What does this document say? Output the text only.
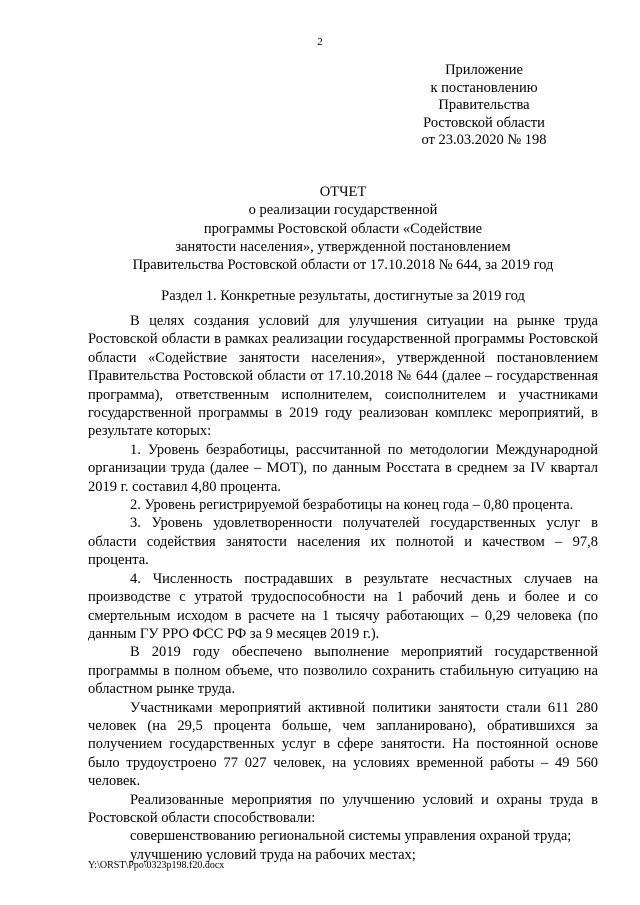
2
Приложение
к постановлению
Правительства
Ростовской области
от 23.03.2020 № 198
ОТЧЕТ
о реализации государственной
программы Ростовской области «Содействие
занятости населения», утвержденной постановлением
Правительства Ростовской области от 17.10.2018 № 644, за 2019 год
Раздел 1. Конкретные результаты, достигнутые за 2019 год

В целях создания условий для улучшения ситуации на рынке труда Ростовской области в рамках реализации государственной программы Ростовской области «Содействие занятости населения», утвержденной постановлением Правительства Ростовской области от 17.10.2018 № 644 (далее – государственная программа), ответственным исполнителем, соисполнителем и участниками государственной программы в 2019 году реализован комплекс мероприятий, в результате которых:

1. Уровень безработицы, рассчитанной по методологии Международной организации труда (далее – МОТ), по данным Росстата в среднем за IV квартал 2019 г. составил 4,80 процента.

2. Уровень регистрируемой безработицы на конец года – 0,80 процента.

3. Уровень удовлетворенности получателей государственных услуг в области содействия занятости населения их полнотой и качеством – 97,8 процента.

4. Численность пострадавших в результате несчастных случаев на производстве с утратой трудоспособности на 1 рабочий день и более и со смертельным исходом в расчете на 1 тысячу работающих – 0,29 человека (по данным ГУ РРО ФСС РФ за 9 месяцев 2019 г.).

В 2019 году обеспечено выполнение мероприятий государственной программы в полном объеме, что позволило сохранить стабильную ситуацию на областном рынке труда.

Участниками мероприятий активной политики занятости стали 611 280 человек (на 29,5 процента больше, чем запланировано), обратившихся за получением государственных услуг в сфере занятости. На постоянной основе было трудоустроено 77 027 человек, на условиях временной работы – 49 560 человек.

Реализованные мероприятия по улучшению условий и охраны труда в Ростовской области способствовали:

совершенствованию региональной системы управления охраной труда;

улучшению условий труда на рабочих местах;

Y:\ORST\Ppo\0323p198.f20.docx
